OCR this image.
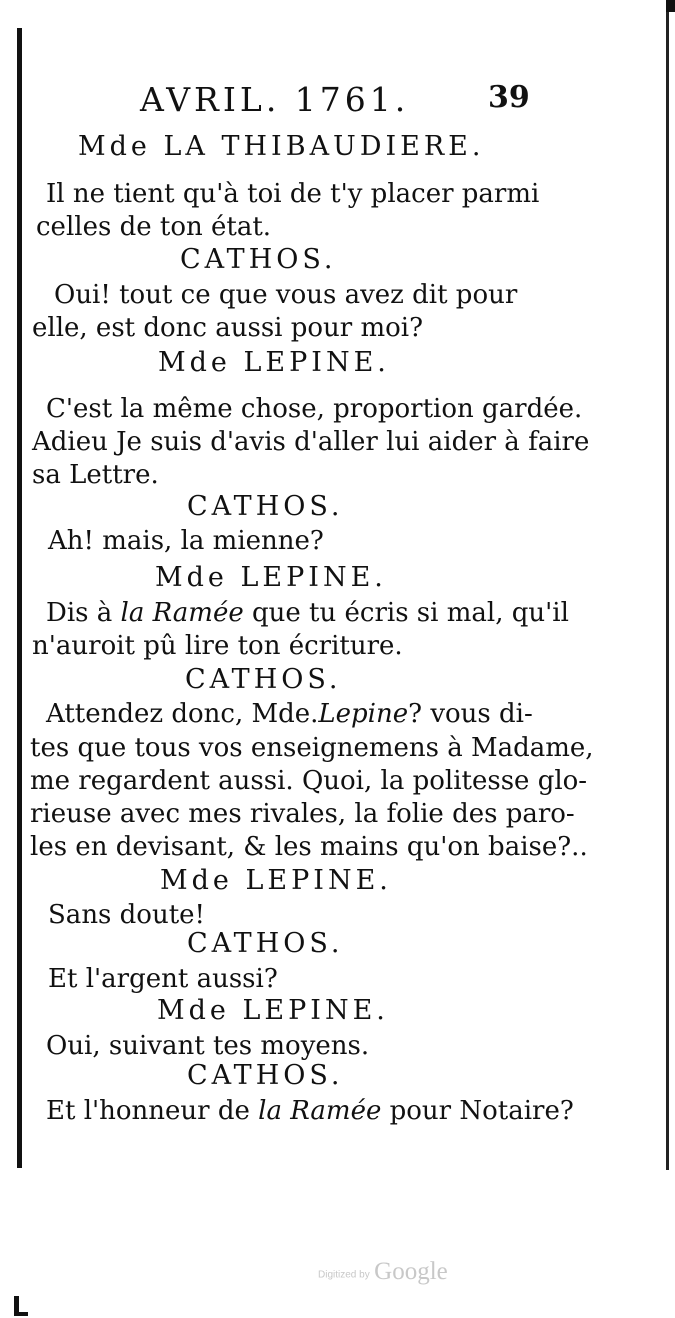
AVRIL. 1761.	39
Mde LA THIBAUDIERE.
Il ne tient qu'à toi de t'y placer parmi
celles de ton état.
CATHOS.
Oui! tout ce que vous avez dit pour
elle, est donc aussi pour moi?
Mde LEPINE.
C'est la même chose, proportion gardée.
Adieu Je suis d'avis d'aller lui aider à faire
sa Lettre.
CATHOS.
Ah! mais, la mienne?
Mde LEPINE.
Dis à la Ramée que tu écris si mal, qu'il
n'auroit pû lire ton écriture.
CATHOS.
Attendez donc, Mde.Lepine? vous di-
tes que tous vos enseignemens à Madame,
me regardent aussi. Quoi, la politesse glo-
rieuse avec mes rivales, la folie des paro-
les en devisant, & les mains qu'on baise?..
Mde LEPINE.
Sans doute!
CATHOS.
Et l'argent aussi?
Mde LEPINE.
Oui, suivant tes moyens.
CATHOS.
Et l'honneur de la Ramée pour Notaire?
Digitized by Google
